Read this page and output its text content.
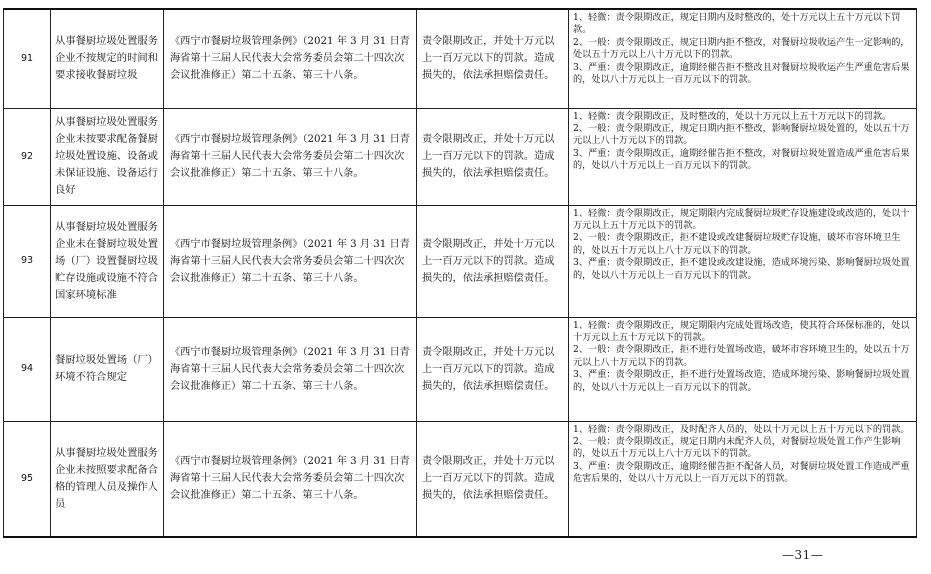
91	从事餐厨垃圾处置服务企业不按规定的时间和要求接收餐厨垃圾	《西宁市餐厨垃圾管理条例》（2021 年 3 月 31 日青海省第十三届人民代表大会常务委员会第二十四次次会议批准修正）第二十五条、第三十八条。	责令限期改正，并处十万元以上一百万元以下的罚款。造成损失的，依法承担赔偿责任。	1、轻微：责令限期改正，规定日期内及时整改的，处十万元以上五十万元以下罚款。
2、一般：责令限期改正，规定日期内拒不整改，对餐厨垃圾收运产生一定影响的，处以五十万元以上八十万元以下的罚款。
3、严重：责令限期改正，逾期经催告拒不整改且对餐厨垃圾收运产生严重危害后果的，处以八十万元以上一百万元以下的罚款。

92	从事餐厨垃圾处置服务企业未按要求配备餐厨垃圾处置设施、设备或未保证设施、设备运行良好	《西宁市餐厨垃圾管理条例》（2021 年 3 月 31 日青海省第十三届人民代表大会常务委员会第二十四次次会议批准修正）第二十五条、第三十八条。	责令限期改正，并处十万元以上一百万元以下的罚款。造成损失的，依法承担赔偿责任。	1、轻微：责令限期改正，及时整改的，处以十万元以上五十万元以下的罚款。
2、一般：责令限期改正，规定日期内拒不整改，影响餐厨垃圾处置的，处以五十万元以上八十万元以下的罚款。
3、严重：责令限期改正，逾期经催告拒不整改，对餐厨垃圾处置造成严重危害后果的，处以八十万元以上一百万元以下的罚款。

93	从事餐厨垃圾处置服务企业未在餐厨垃圾处置场（厂）设置餐厨垃圾贮存设施或设施不符合国家环境标准	《西宁市餐厨垃圾管理条例》（2021 年 3 月 31 日青海省第十三届人民代表大会常务委员会第二十四次次会议批准修正）第二十五条、第三十八条。	责令限期改正，并处十万元以上一百万元以下的罚款。造成损失的，依法承担赔偿责任。	1、轻微：责令限期改正，规定期限内完成餐厨垃圾贮存设施建设或改造的，处以十万元以上五十万元以下的罚款。
2、一般：责令限期改正，拒不建设或改建餐厨垃圾贮存设施，破坏市容环境卫生的，处以五十万元以上八十万元以下的罚款。
3、严重：责令限期改正，拒不建设或改建设施，造成环境污染、影响餐厨垃圾处置的，处以八十万元以上一百万元以下的罚款。

94	餐厨垃圾处置场（厂）环境不符合规定	《西宁市餐厨垃圾管理条例》（2021 年 3 月 31 日青海省第十三届人民代表大会常务委员会第二十四次次会议批准修正）第二十五条、第三十八条。	责令限期改正，并处十万元以上一百万元以下的罚款。造成损失的，依法承担赔偿责任。	1、轻微：责令限期改正，规定期限内完成处置场改造，使其符合环保标准的，处以十万元以上五十万元以下的罚款。
2、一般：责令限期改正，拒不进行处置场改造，破坏市容环境卫生的，处以五十万元以上八十万元以下的罚款。
3、严重：责令限期改正，拒不进行处置场改造，造成环境污染、影响餐厨垃圾处置的，处以八十万元以上一百万元以下的罚款。

95	从事餐厨垃圾处置服务企业未按照要求配备合格的管理人员及操作人员	《西宁市餐厨垃圾管理条例》（2021 年 3 月 31 日青海省第十三届人民代表大会常务委员会第二十四次次会议批准修正）第二十五条、第三十八条。	责令限期改正，并处十万元以上一百万元以下的罚款。造成损失的，依法承担赔偿责任。	1、轻微：责令限期改正，及时配齐人员的，处以十万元以上五十万元以下的罚款。
2、一般：责令限期改正，规定日期内未配齐人员，对餐厨垃圾处置工作产生影响的，处以五十万元以上八十万元以下的罚款。
3、严重：责令限期改正，逾期经催告拒不配备人员，对餐厨垃圾处置工作造成严重危害后果的，处以八十万元以上一百万元以下的罚款。
—31—
